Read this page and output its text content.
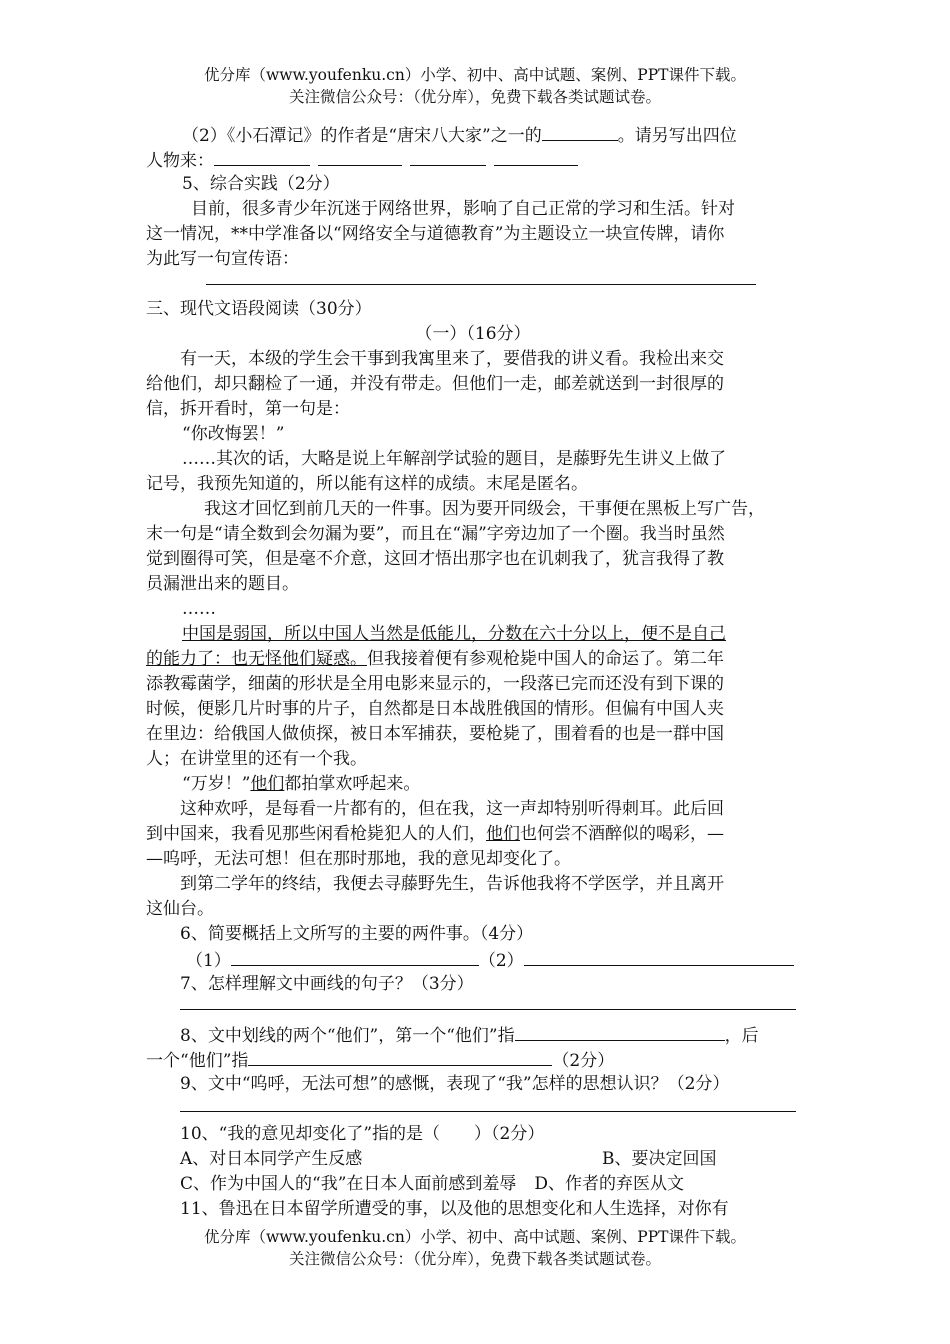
优分库（www.youfenku.cn）小学、初中、高中试题、案例、PPT课件下载。
关注微信公众号：（优分库），免费下载各类试题试卷。
（2）《小石潭记》的作者是“唐宋八大家”之一的	。请另写出四位
人物来：
5、综合实践（2分）
目前，很多青少年沉迷于网络世界，影响了自己正常的学习和生活。针对
这一情况，**中学准备以“网络安全与道德教育”为主题设立一块宣传牌，请你
为此写一句宣传语：
三、现代文语段阅读（30分）
（一）（16分）
有一天，本级的学生会干事到我寓里来了，要借我的讲义看。我检出来交
给他们，却只翻检了一通，并没有带走。但他们一走，邮差就送到一封很厚的
信，拆开看时，第一句是：
“你改悔罢！”
……其次的话，大略是说上年解剖学试验的题目，是藤野先生讲义上做了
记号，我预先知道的，所以能有这样的成绩。末尾是匿名。
我这才回忆到前几天的一件事。因为要开同级会，干事便在黑板上写广告，
末一句是“请全数到会勿漏为要”，而且在“漏”字旁边加了一个圈。我当时虽然
觉到圈得可笑，但是毫不介意，这回才悟出那字也在讥刺我了，犹言我得了教
员漏泄出来的题目。
……
中国是弱国，所以中国人当然是低能儿，分数在六十分以上，便不是自己
的能力了：也无怪他们疑惑。但我接着便有参观枪毙中国人的命运了。第二年
添教霉菌学，细菌的形状是全用电影来显示的，一段落已完而还没有到下课的
时候，便影几片时事的片子，自然都是日本战胜俄国的情形。但偏有中国人夹
在里边：给俄国人做侦探，被日本军捕获，要枪毙了，围着看的也是一群中国
人；在讲堂里的还有一个我。
“万岁！”他们都拍掌欢呼起来。
这种欢呼，是每看一片都有的，但在我，这一声却特别听得刺耳。此后回
到中国来，我看见那些闲看枪毙犯人的人们，他们也何尝不酒醉似的喝彩，—
—呜呼，无法可想！但在那时那地，我的意见却变化了。
到第二学年的终结，我便去寻藤野先生，告诉他我将不学医学，并且离开
这仙台。
6、简要概括上文所写的主要的两件事。（4分）
（1）	（2）
7、怎样理解文中画线的句子？（3分）
8、文中划线的两个“他们”，第一个“他们”指	，后
一个“他们”指	（2分）
9、文中“呜呼，无法可想”的感慨，表现了“我”怎样的思想认识？（2分）
10、“我的意见却变化了”指的是（　　）（2分）
A、对日本同学产生反感	B、要决定回国
C、作为中国人的“我”在日本人面前感到羞辱 D、作者的弃医从文
11、鲁迅在日本留学所遭受的事，以及他的思想变化和人生选择，对你有
优分库（www.youfenku.cn）小学、初中、高中试题、案例、PPT课件下载。
关注微信公众号：（优分库），免费下载各类试题试卷。
